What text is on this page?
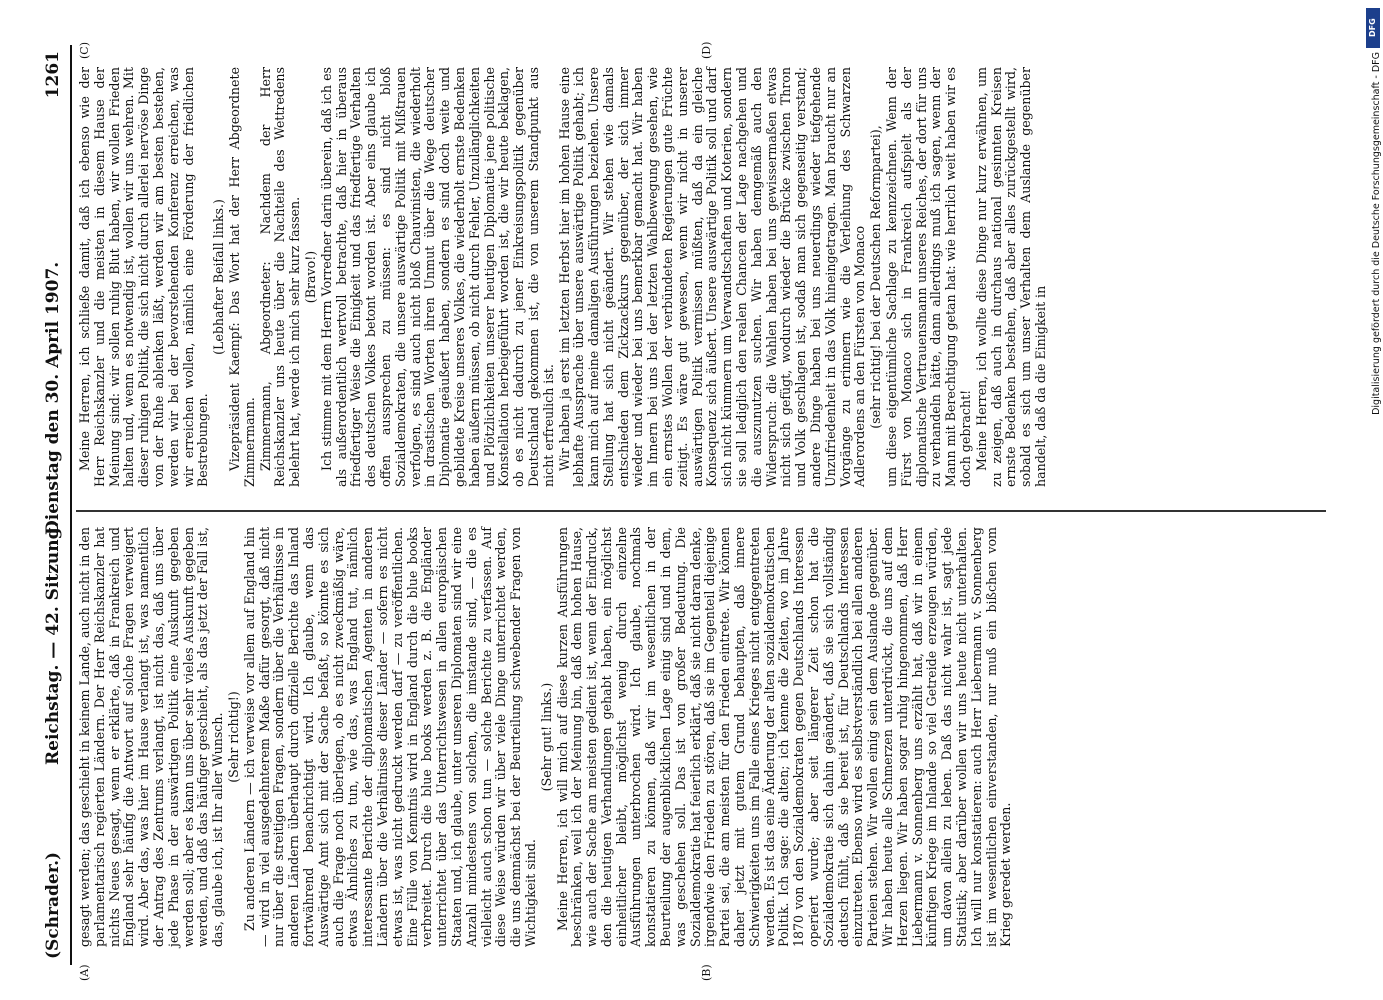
(Schrader.)
Reichstag. — 42. Sitzung.
Dienstag den 30. April 1907.
1261
(A)	(B)
(C)	(D)

gesagt werden; das geschieht in keinem Lande, auch nicht in den parlamentarisch regierten Ländern. Der Herr Reichskanzler hat nichts Neues gesagt, wenn er erklärte, daß in Frankreich und England sehr häufig die Antwort auf solche Fragen verweigert wird. Aber das, was hier im Hause verlangt ist, was namentlich der Antrag des Zentrums verlangt, ist nicht das, daß uns über jede Phase in der auswärtigen Politik eine Auskunft gegeben werden soll; aber es kann uns über sehr vieles Auskunft gegeben werden, und daß das häufiger geschieht, als das jetzt der Fall ist, das, glaube ich, ist Ihr aller Wunsch. (Sehr richtig!) Zu anderen Ländern — ich verweise vor allem auf England hin — wird in viel ausgedehnterem Maße dafür gesorgt, daß nicht nur über die streitigen Fragen, sondern über die Verhältnisse in anderen Ländern überhaupt durch offizielle Berichte das Inland fortwährend benachrichtigt wird. Ich glaube, wenn das Auswärtige Amt sich mit der Sache befaßt, so könnte es sich auch die Frage noch überlegen, ob es nicht zweckmäßig wäre, etwas Ähnliches zu tun, wie das, was England tut, nämlich interessante Berichte der diplomatischen Agenten in anderen Ländern über die Verhältnisse dieser Länder — sofern es nicht etwas ist, was nicht gedruckt werden darf — zu veröffentlichen. Eine Fülle von Kenntnis wird in England durch die blue books verbreitet. Durch die blue books werden z. B. die Engländer unterrichtet über das Unterrichtswesen in allen europäischen Staaten und, ich glaube, unter unseren Diplomaten sind wir eine Anzahl mindestens von solchen, die imstande sind, — die es vielleicht auch schon tun — solche Berichte zu verfassen. Auf diese Weise würden wir über viele Dinge unterrichtet werden, die uns demnächst bei der Beurteilung schwebender Fragen von Wichtigkeit sind.

(Sehr gut! links.) Meine Herren, ich will mich auf diese kurzen Ausführungen beschränken, weil ich der Meinung bin, daß dem hohen Hause, wie auch der Sache am meisten gedient ist, wenn der Eindruck, den die heutigen Verhandlungen gehabt haben, ein möglichst einheitlicher bleibt, möglichst wenig durch einzelne Ausführungen unterbrochen wird. Ich glaube, nochmals konstatieren zu können, daß wir im wesentlichen in der Beurteilung der augenblicklichen Lage einig sind und in dem, was geschehen soll. Das ist von großer Bedeutung. Die Sozialdemokratie hat feierlich erklärt, daß sie nicht daran denke, irgendwie den Frieden zu stören, daß sie im Gegenteil diejenige Partei sei, die am meisten für den Frieden eintrete. Wir können daher jetzt mit gutem Grund behaupten, daß innere Schwierigkeiten uns im Falle eines Krieges nicht entgegentreten werden. Es ist das eine Änderung der alten sozialdemokratischen Politik. Ich sage: die alten; ich kenne die Zeiten, wo im Jahre 1870 von den Sozialdemokraten gegen Deutschlands Interessen operiert wurde; aber seit längerer Zeit schon hat die Sozialdemokratie sich dahin geändert, daß sie sich vollständig deutsch fühlt, daß sie bereit ist, für Deutschlands Interessen einzutreten. Ebenso wird es selbstverständlich bei allen anderen Parteien stehen. Wir wollen einig sein dem Auslande gegenüber. Wir haben heute alle Schmerzen unterdrückt, die uns auf dem Herzen liegen. Wir haben sogar ruhig hingenommen, daß Herr Liebermann v. Sonnenberg uns erzählt hat, daß wir in einem künftigen Kriege im Inlande so viel Getreide erzeugen würden, um davon allein zu leben. Daß das nicht wahr ist, sagt jede Statistik; aber darüber wollen wir uns heute nicht unterhalten. Ich will nur konstatieren: auch Herr Liebermann v. Sonnenberg ist im wesentlichen einverstanden, nur muß ein bißchen vom Krieg geredet werden.

Meine Herren, ich schließe damit, daß ich ebenso wie der Herr Reichskanzler und die meisten in diesem Hause der Meinung sind: wir sollen ruhig Blut haben, wir wollen Frieden halten und, wenn es notwendig ist, wollen wir uns wehren. Mit dieser ruhigen Politik, die sich nicht durch allerlei nervöse Dinge von der Ruhe ablenken läßt, werden wir am besten bestehen, werden wir bei der bevorstehenden Konferenz erreichen, was wir erreichen wollen, nämlich eine Förderung der friedlichen Bestrebungen.

(Lebhafter Beifall links.) Vizepräsident Kaempf: Das Wort hat der Herr Abgeordnete Zimmermann. Zimmermann, Abgeordneter: Nachdem der Herr Reichskanzler uns heute über die Nachteile des Wettredens belehrt hat, werde ich mich sehr kurz fassen. (Bravo!) Ich stimme mit dem Herrn Vorredner darin überein, daß ich es als außerordentlich wertvoll betrachte, daß hier in überaus friedfertiger Weise die Einigkeit und das friedfertige Verhalten des deutschen Volkes betont worden ist. Aber eins glaube ich offen aussprechen zu müssen: es sind nicht bloß Sozialdemokraten, die unsere auswärtige Politik mit Mißtrauen verfolgen, es sind auch nicht bloß Chauvinisten, die wiederholt in drastischen Worten ihren Unmut über die Wege deutscher Diplomatie geäußert haben, sondern es sind doch weite und gebildete Kreise unseres Volkes, die wiederholt ernste Bedenken haben äußern müssen, ob nicht durch Fehler, Unzulänglichkeiten und Plötzlichkeiten unserer heutigen Diplomatie jene politische Konstellation herbeigeführt worden ist, die wir heute beklagen, ob es nicht dadurch zu jener Einkreisungspolitik gegenüber Deutschland gekommen ist, die von unserem Standpunkt aus nicht erfreulich ist. Wir haben ja erst im letzten Herbst hier im hohen Hause eine lebhafte Aussprache über unsere auswärtige Politik gehabt; ich kann mich auf meine damaligen Ausführungen beziehen. Unsere Stellung hat sich nicht geändert. Wir stehen wie damals entschieden dem Zickzackkurs gegenüber, der sich immer wieder und wieder bei uns bemerkbar gemacht hat. Wir haben im Innern bei uns bei der letzten Wahlbewegung gesehen, wie ein ernstes Wollen der verbündeten Regierungen gute Früchte zeitigt. Es wäre gut gewesen, wenn wir nicht in unserer auswärtigen Politik vermissen müßten, daß da ein gleiche Konsequenz sich äußert. Unsere auswärtige Politik soll und darf sich nicht kümmern um Verwandtschaften und Koterien, sondern sie soll lediglich den realen Chancen der Lage nachgehen und die auszunutzen suchen. Wir haben demgemäß auch den Widerspruch: die Wahlen haben bei uns gewissermaßen etwas nicht sich gefügt, wodurch wieder die Brücke zwischen Thron und Volk geschlagen ist, sodaß man sich gegenseitig verstand; andere Dinge haben bei uns neuerdings wieder tiefgehende Unzufriedenheit in das Volk hineingetragen. Man braucht nur an Vorgänge zu erinnern wie die Verleihung des Schwarzen Adlerordens an den Fürsten von Monaco (sehr richtig! bei der Deutschen Reformpartei), um diese eigentümliche Sachlage zu kennzeichnen. Wenn der Fürst von Monaco sich in Frankreich aufspielt als der diplomatische Vertrauensmann unseres Reiches, der dort für uns zu verhandeln hätte, dann allerdings muß ich sagen, wenn der Mann mit Berechtigung getan hat: wie herrlich weit haben wir es doch gebracht! Meine Herren, ich wollte diese Dinge nur kurz erwähnen, um zu zeigen, daß auch in durchaus national gesinnten Kreisen ernste Bedenken bestehen, daß aber alles zurückgestellt wird, sobald es sich um unser Verhalten dem Auslande gegenüber handelt, daß da die Einigkeit in

DFG
Digitalisierung gefördert durch die Deutsche Forschungsgemeinschaft - DFG
